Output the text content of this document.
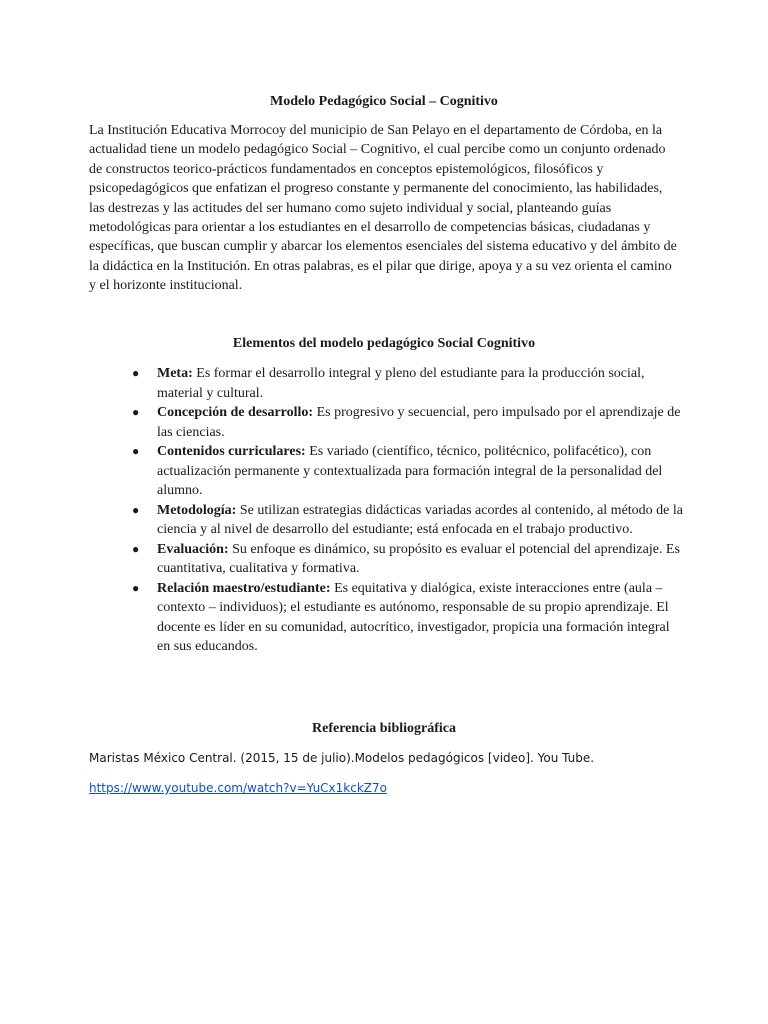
Modelo Pedagógico Social – Cognitivo

La Institución Educativa Morrocoy del municipio de San Pelayo en el departamento de Córdoba, en la actualidad tiene un modelo pedagógico Social – Cognitivo, el cual percibe como un conjunto ordenado de constructos teorico-prácticos fundamentados en conceptos epistemológicos, filosóficos y psicopedagógicos que enfatizan el progreso constante y permanente del conocimiento, las habilidades, las destrezas y las actitudes del ser humano como sujeto individual y social, planteando guías metodológicas para orientar a los estudiantes en el desarrollo de competencias básicas, ciudadanas y específicas, que buscan cumplir y abarcar los elementos esenciales del sistema educativo y del ámbito de la didáctica en la Institución. En otras palabras, es el pilar que dirige, apoya y a su vez orienta el camino y el horizonte institucional.

Elementos del modelo pedagógico Social Cognitivo
● Meta: Es formar el desarrollo integral y pleno del estudiante para la producción social, material y cultural.
● Concepción de desarrollo: Es progresivo y secuencial, pero impulsado por el aprendizaje de las ciencias.
● Contenidos curriculares: Es variado (científico, técnico, politécnico, polifacético), con actualización permanente y contextualizada para formación integral de la personalidad del alumno.
● Metodología: Se utilizan estrategias didácticas variadas acordes al contenido, al método de la ciencia y al nivel de desarrollo del estudiante; está enfocada en el trabajo productivo.
● Evaluación: Su enfoque es dinámico, su propósito es evaluar el potencial del aprendizaje. Es cuantitativa, cualitativa y formativa.
● Relación maestro/estudiante: Es equitativa y dialógica, existe interacciones entre (aula – contexto – individuos); el estudiante es autónomo, responsable de su propio aprendizaje. El docente es líder en su comunidad, autocrítico, investigador, propicia una formación integral en sus educandos.
Referencia bibliográfica
Maristas México Central. (2015, 15 de julio).Modelos pedagógicos [video]. You Tube.
https://www.youtube.com/watch?v=YuCx1kckZ7o
